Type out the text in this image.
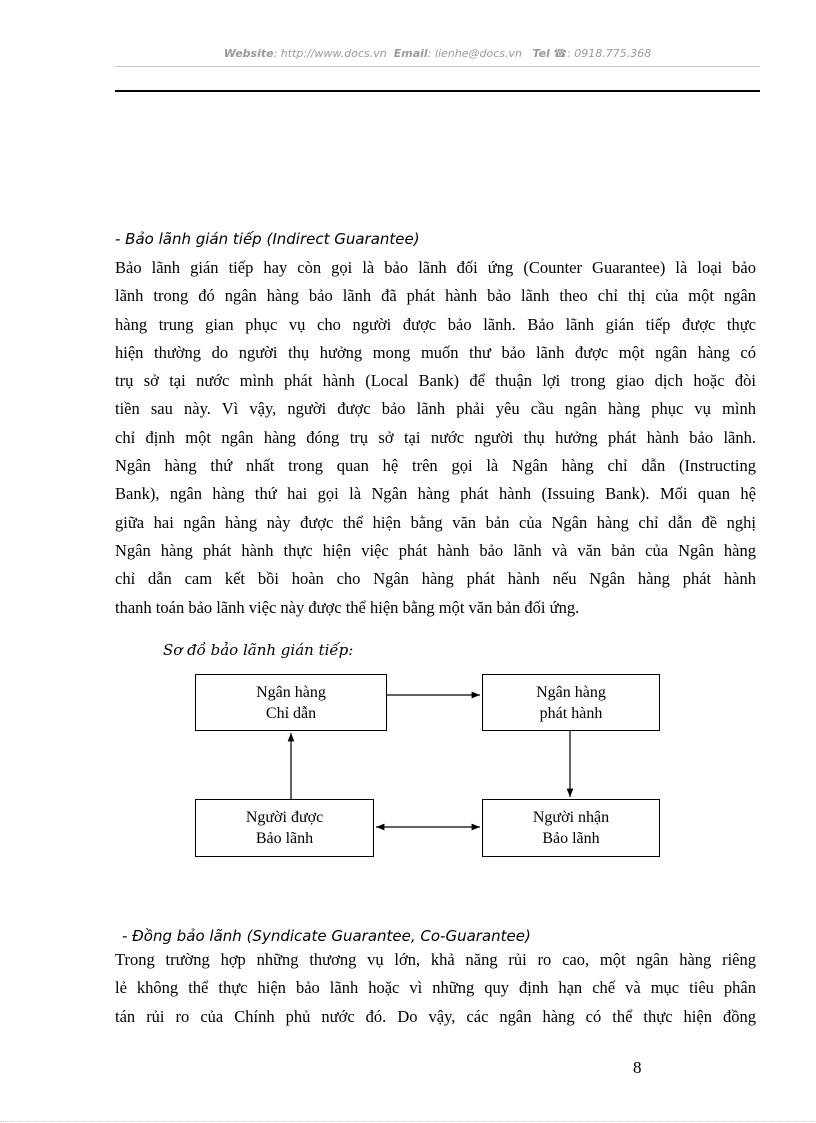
Website: http://www.docs.vn Email: lienhe@docs.vn Tel ☎: 0918.775.368
- Bảo lãnh gián tiếp (Indirect Guarantee)
Bảo lãnh gián tiếp hay còn gọi là bảo lãnh đối ứng (Counter Guarantee) là loại bảo
lãnh trong đó ngân hàng bảo lãnh đã phát hành bảo lãnh theo chỉ thị của một ngân
hàng trung gian phục vụ cho người được bảo lãnh. Bảo lãnh gián tiếp được thực
hiện thường do người thụ hưởng mong muốn thư bảo lãnh được một ngân hàng có
trụ sở tại nước mình phát hành (Local Bank) để thuận lợi trong giao dịch hoặc đòi
tiền sau này. Vì vậy, người được bảo lãnh phải yêu cầu ngân hàng phục vụ mình
chỉ định một ngân hàng đóng trụ sở tại nước người thụ hưởng phát hành bảo lãnh.
Ngân hàng thứ nhất trong quan hệ trên gọi là Ngân hàng chỉ dẫn (Instructing
Bank), ngân hàng thứ hai gọi là Ngân hàng phát hành (Issuing Bank). Mối quan hệ
giữa hai ngân hàng này được thể hiện bằng văn bản của Ngân hàng chỉ dẫn đề nghị
Ngân hàng phát hành thực hiện việc phát hành bảo lãnh và văn bản của Ngân hàng
chỉ dẫn cam kết bồi hoàn cho Ngân hàng phát hành nếu Ngân hàng phát hành
thanh toán bảo lãnh việc này được thể hiện bằng một văn bản đối ứng.
Sơ đồ bảo lãnh gián tiếp:
Ngân hàng
Chỉ dẫn
Ngân hàng
phát hành
Người được
Bảo lãnh
Người nhận
Bảo lãnh
- Đồng bảo lãnh (Syndicate Guarantee, Co-Guarantee)
Trong trường hợp những thương vụ lớn, khả năng rủi ro cao, một ngân hàng riêng
lẻ không thể thực hiện bảo lãnh hoặc vì những quy định hạn chế và mục tiêu phân
tán rủi ro của Chính phủ nước đó. Do vậy, các ngân hàng có thể thực hiện đồng
8
